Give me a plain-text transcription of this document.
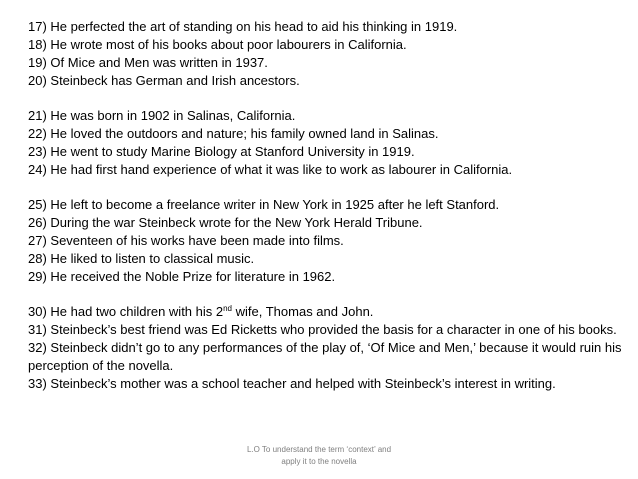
17) He perfected the art of standing on his head to aid his thinking in 1919.
18) He wrote most of his books about poor labourers in California.
19) Of Mice and Men was written in 1937.
20) Steinbeck has German and Irish ancestors.
21) He was born in 1902 in Salinas, California.
22) He loved the outdoors and nature; his family owned land in Salinas.
23) He went to study Marine Biology at Stanford University in 1919.
24) He had first hand experience of what it was like to work as labourer in California.
25) He left to become a freelance writer in New York in 1925 after he left Stanford.
26) During the war Steinbeck wrote for the New York Herald Tribune.
27) Seventeen of his works have been made into films.
28) He liked to listen to classical music.
29) He received the Noble Prize for literature in 1962.
30) He had two children with his 2nd wife, Thomas and John.
31) Steinbeck’s best friend was Ed Ricketts who provided the basis for a character in one of his books.
32) Steinbeck didn’t go to any performances of the play of, ‘Of Mice and Men,’ because it would ruin his perception of the novella.
33) Steinbeck’s mother was a school teacher and helped with Steinbeck’s interest in writing.
L.O To understand the term ‘context’ and
apply it to the novella
